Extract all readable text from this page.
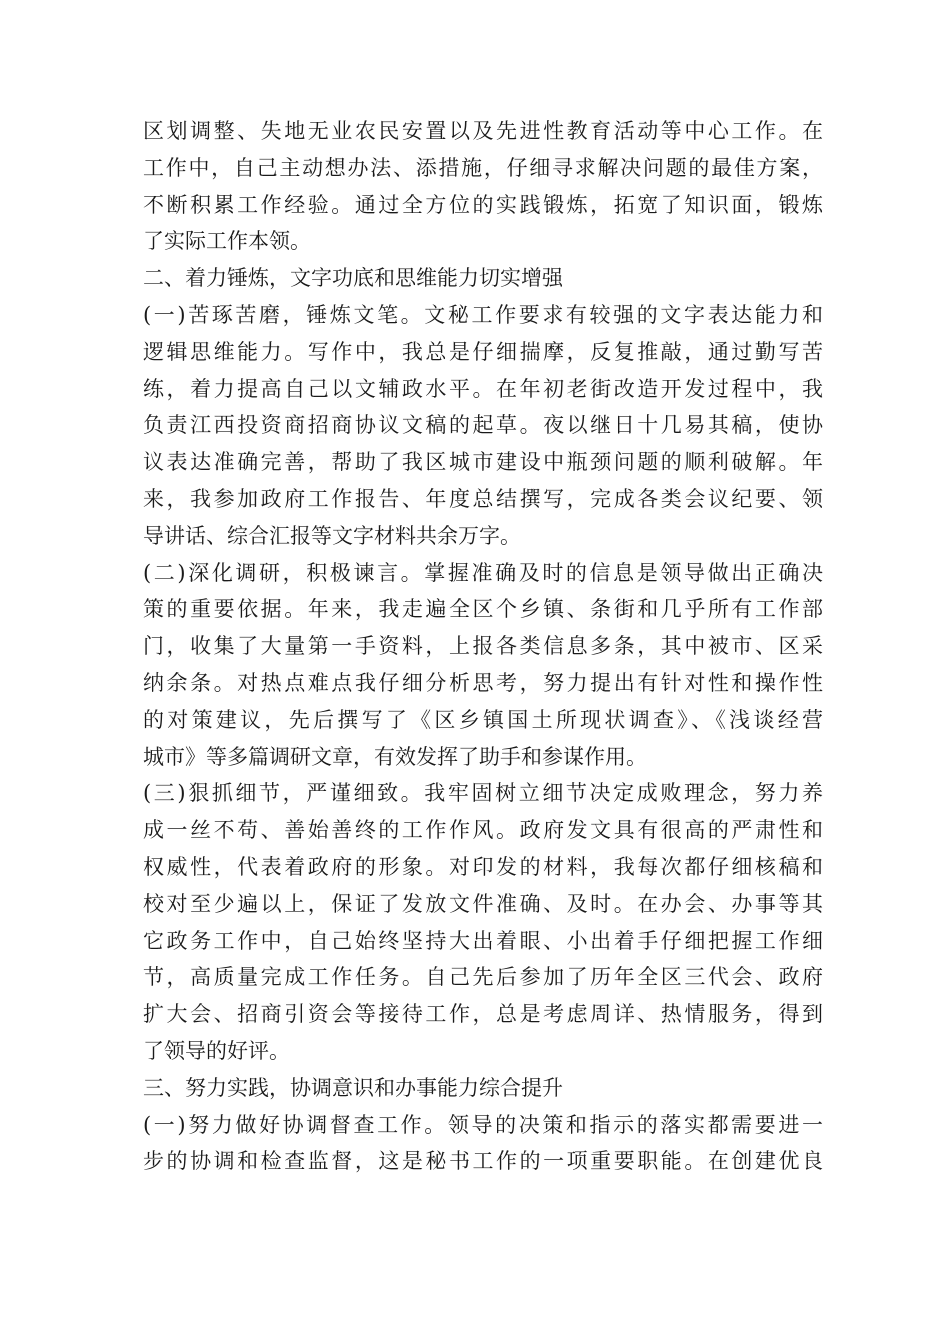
区划调整、失地无业农民安置以及先进性教育活动等中心工作。在
工作中，自己主动想办法、添措施，仔细寻求解决问题的最佳方案，
不断积累工作经验。通过全方位的实践锻炼，拓宽了知识面，锻炼
了实际工作本领。
二、着力锤炼，文字功底和思维能力切实增强
(一)苦琢苦磨，锤炼文笔。文秘工作要求有较强的文字表达能力和
逻辑思维能力。写作中，我总是仔细揣摩，反复推敲，通过勤写苦
练，着力提高自己以文辅政水平。在年初老街改造开发过程中，我
负责江西投资商招商协议文稿的起草。夜以继日十几易其稿，使协
议表达准确完善，帮助了我区城市建设中瓶颈问题的顺利破解。年
来，我参加政府工作报告、年度总结撰写，完成各类会议纪要、领
导讲话、综合汇报等文字材料共余万字。
(二)深化调研，积极谏言。掌握准确及时的信息是领导做出正确决
策的重要依据。年来，我走遍全区个乡镇、条街和几乎所有工作部
门，收集了大量第一手资料，上报各类信息多条，其中被市、区采
纳余条。对热点难点我仔细分析思考，努力提出有针对性和操作性
的对策建议，先后撰写了《区乡镇国土所现状调查》、《浅谈经营
城市》等多篇调研文章，有效发挥了助手和参谋作用。
(三)狠抓细节，严谨细致。我牢固树立细节决定成败理念，努力养
成一丝不苟、善始善终的工作作风。政府发文具有很高的严肃性和
权威性，代表着政府的形象。对印发的材料，我每次都仔细核稿和
校对至少遍以上，保证了发放文件准确、及时。在办会、办事等其
它政务工作中，自己始终坚持大出着眼、小出着手仔细把握工作细
节，高质量完成工作任务。自己先后参加了历年全区三代会、政府
扩大会、招商引资会等接待工作，总是考虑周详、热情服务，得到
了领导的好评。
三、努力实践，协调意识和办事能力综合提升
(一)努力做好协调督查工作。领导的决策和指示的落实都需要进一
步的协调和检查监督，这是秘书工作的一项重要职能。在创建优良
